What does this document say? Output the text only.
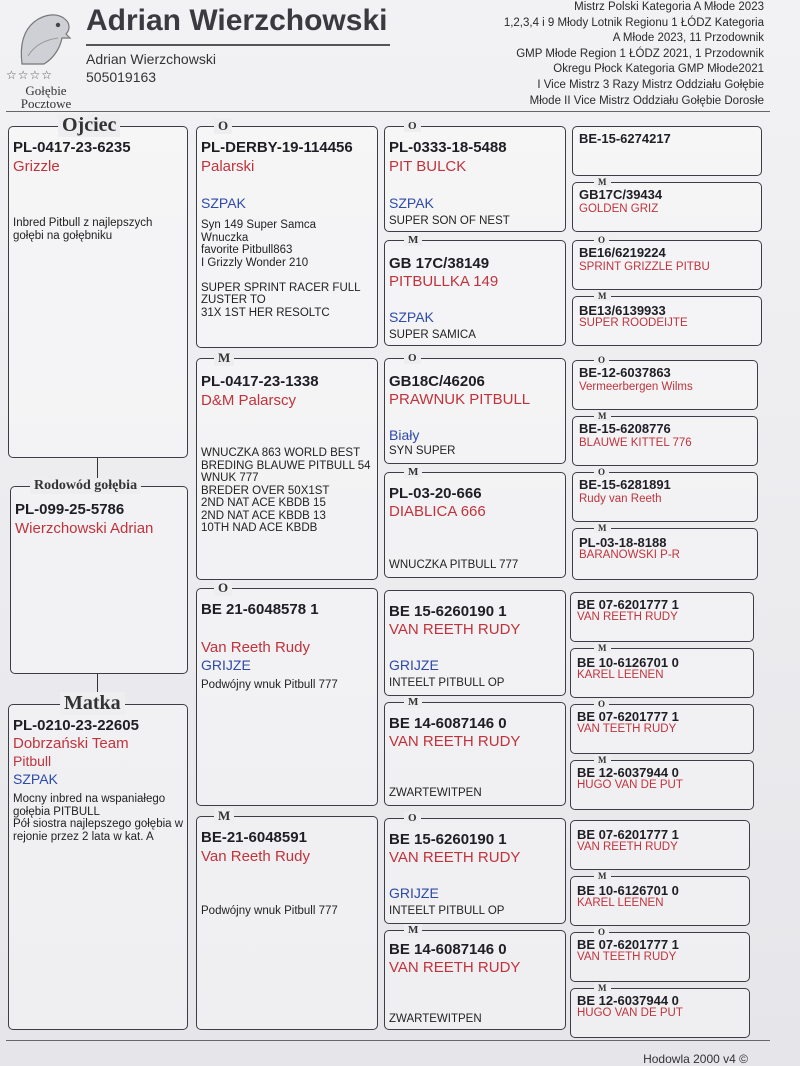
☆☆☆☆
Gołębie
Pocztowe
Adrian Wierzchowski
Adrian Wierzchowski
505019163
Mistrz Polski Kategoria A Młode 2023
1,2,3,4 i 9 Młody Lotnik Regionu 1 ŁÓDZ Kategoria
A Młode 2023, 11 Przodownik
GMP Młode Region 1 ŁÓDZ 2021, 1 Przodownik
Okregu Płock Kategoria GMP Młode2021
I Vice Mistrz 3 Razy Mistrz Oddziału Gołębie
Młode II Vice Mistrz Oddziału Gołębie Dorosłe
PL-0417-23-6235
Grizzle
Inbred Pitbull z najlepszych gołębi na gołębniku
Ojciec
PL-099-25-5786
Wierzchowski Adrian
Rodowód gołębia
PL-0210-23-22605
Dobrzański Team
Pitbull
SZPAK
Mocny inbred na wspaniałego gołębia PITBULL
Pół siostra najlepszego gołębia w rejonie przez 2 lata w kat. A
Matka
PL-DERBY-19-114456
Palarski
SZPAK
Syn 149 Super Samca
Wnuczka
favorite Pitbull863
I Grizzly Wonder 210

SUPER SPRINT RACER FULL ZUSTER TO
31X 1ST HER RESOLTC
O
PL-0417-23-1338
D&M Palarscy
WNUCZKA 863 WORLD BEST BREDING BLAUWE PITBULL 54
WNUK 777
BREDER OVER 50X1ST
2ND NAT ACE KBDB 15
2ND NAT ACE KBDB 13
10TH NAD ACE KBDB
M
BE 21-6048578 1
Van Reeth Rudy
GRIJZE
Podwójny wnuk Pitbull 777
O
BE-21-6048591
Van Reeth Rudy
Podwójny wnuk Pitbull 777
M
PL-0333-18-5488
PIT BULCK
SZPAK
SUPER SON OF NEST
O
GB 17C/38149
PITBULLKA 149
SZPAK
SUPER SAMICA
M
GB18C/46206
PRAWNUK PITBULL
Biały
SYN SUPER
O
PL-03-20-666
DIABLICA 666
WNUCZKA PITBULL 777
M
BE 15-6260190 1
VAN REETH RUDY
GRIJZE
INTEELT PITBULL OP
BE 14-6087146 0
VAN REETH RUDY
ZWARTEWITPEN
M
BE 15-6260190 1
VAN REETH RUDY
GRIJZE
INTEELT PITBULL OP
O
BE 14-6087146 0
VAN REETH RUDY
ZWARTEWITPEN
M
BE-15-6274217
GB17C/39434
GOLDEN GRIZ
M
BE16/6219224
SPRINT GRIZZLE PITBU
O
BE13/6139933
SUPER ROODEIJTE
M
BE-12-6037863
Vermeerbergen Wilms
O
BE-15-6208776
BLAUWE KITTEL 776
M
BE-15-6281891
Rudy van Reeth
O
PL-03-18-8188
BARANOWSKI P-R
M
BE 07-6201777 1
VAN REETH RUDY
BE 10-6126701 0
KAREL LEENEN
M
BE 07-6201777 1
VAN TEETH RUDY
O
BE 12-6037944 0
HUGO VAN DE PUT
M
BE 07-6201777 1
VAN REETH RUDY
BE 10-6126701 0
KAREL LEENEN
M
BE 07-6201777 1
VAN TEETH RUDY
O
BE 12-6037944 0
HUGO VAN DE PUT
M
Hodowla 2000 v4 ©
